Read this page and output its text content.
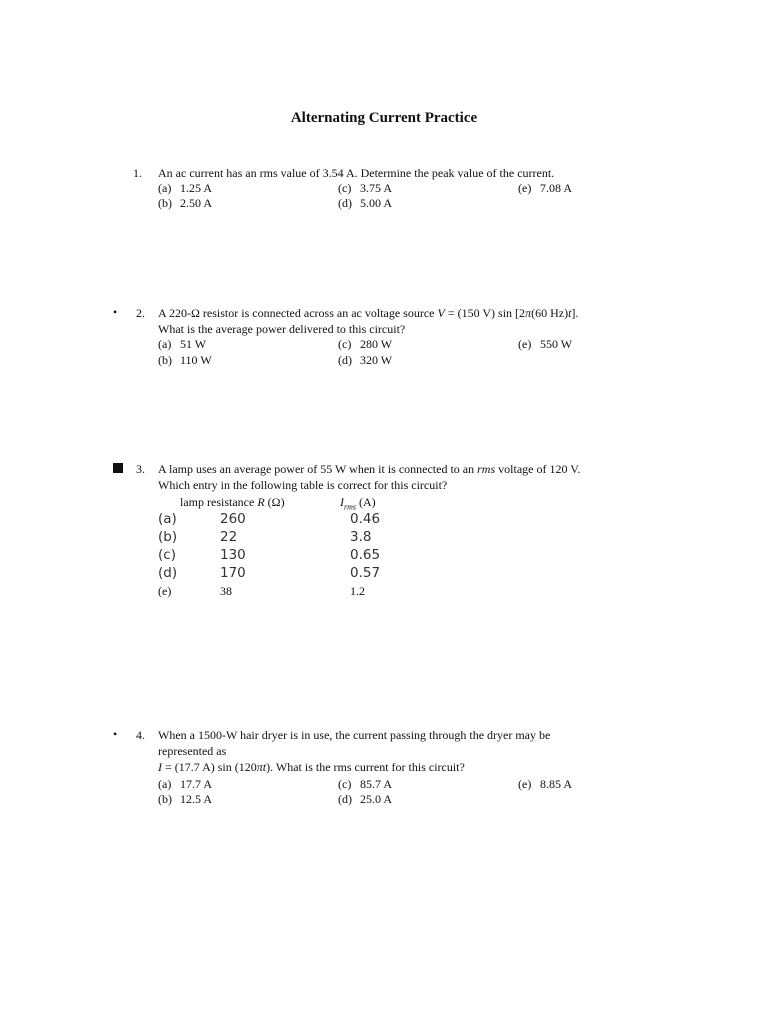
Alternating Current Practice
1. An ac current has an rms value of 3.54 A. Determine the peak value of the current.
(a) 1.25 A
(b) 2.50 A
(c) 3.75 A
(d) 5.00 A
(e) 7.08 A
• 2. A 220-Ω resistor is connected across an ac voltage source V = (150 V) sin [2π(60 Hz)t].
What is the average power delivered to this circuit?
(a) 51 W
(b) 110 W
(c) 280 W
(d) 320 W
(e) 550 W
3. A lamp uses an average power of 55 W when it is connected to an rms voltage of 120 V.
Which entry in the following table is correct for this circuit?
lamp resistance R (Ω)	$I_{rms}$ (A)
(a)	260	0.46
(b)	22	3.8
(c)	130	0.65
(d)	170	0.57
(e)	38	1.2
• 4. When a 1500-W hair dryer is in use, the current passing through the dryer may be
represented as
I = (17.7 A) sin (120πt). What is the rms current for this circuit?
(a) 17.7 A
(b) 12.5 A
(c) 85.7 A
(d) 25.0 A
(e) 8.85 A
